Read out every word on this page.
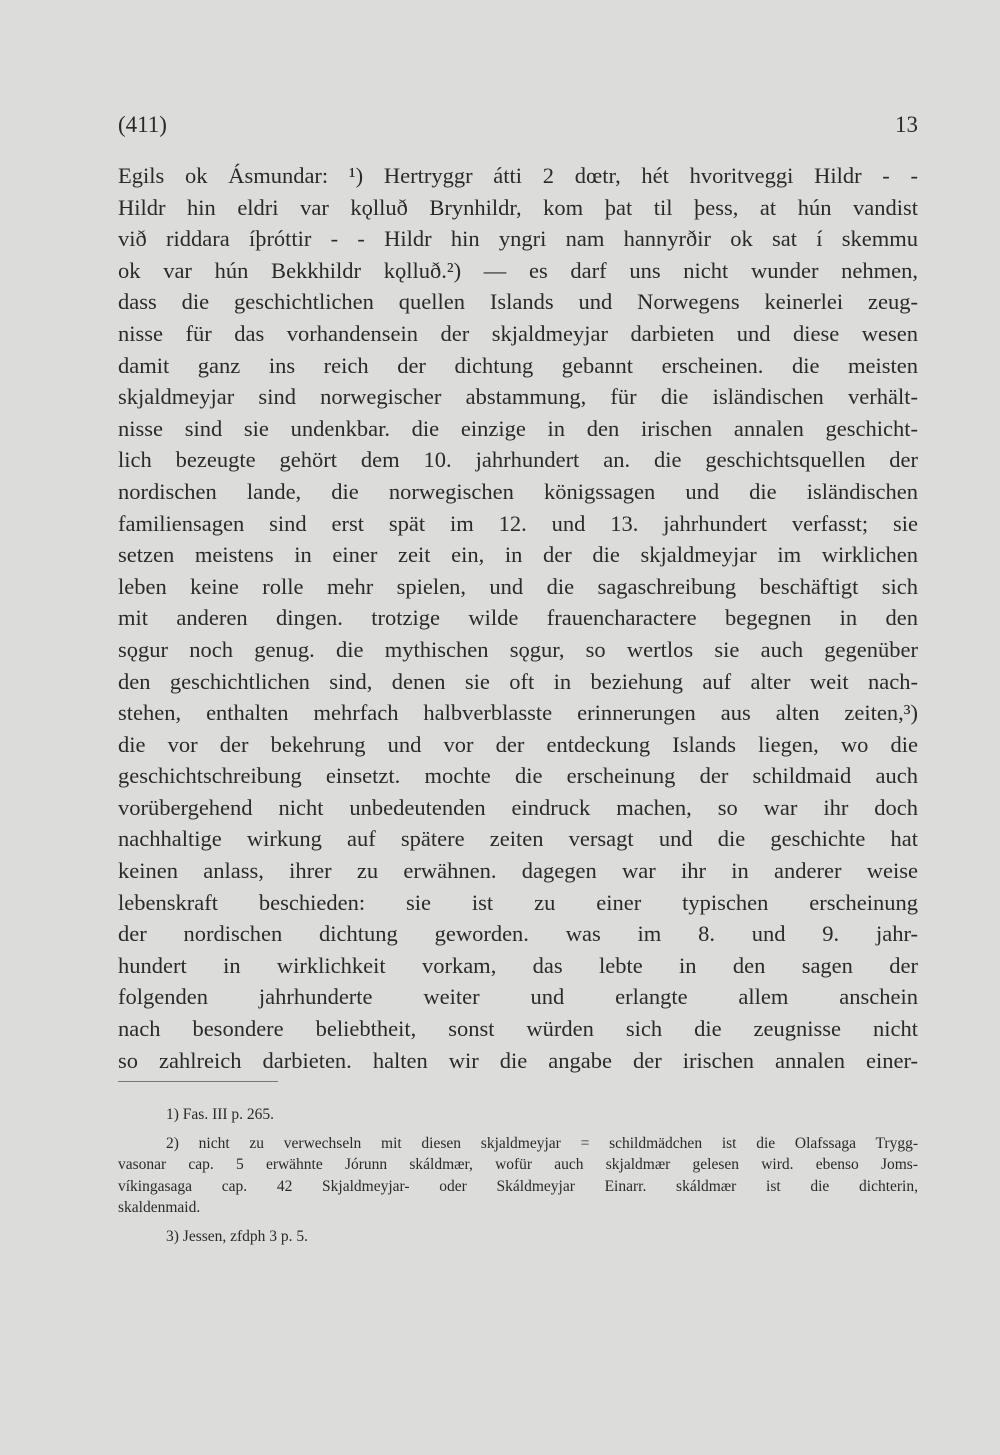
(411)	13
Egils ok Ásmundar: ¹) Hertryggr átti 2 dœtr, hét hvoritveggi Hildr - -
Hildr hin eldri var kǫlluð Brynhildr, kom þat til þess, at hún vandist
við riddara íþróttir - - Hildr hin yngri nam hannyrðir ok sat í skemmu
ok var hún Bekkhildr kǫlluð.²) — es darf uns nicht wunder nehmen,
dass die geschichtlichen quellen Islands und Norwegens keinerlei zeug-
nisse für das vorhandensein der skjaldmeyjar darbieten und diese wesen
damit ganz ins reich der dichtung gebannt erscheinen. die meisten
skjaldmeyjar sind norwegischer abstammung, für die isländischen verhält-
nisse sind sie undenkbar. die einzige in den irischen annalen geschicht-
lich bezeugte gehört dem 10. jahrhundert an. die geschichtsquellen der
nordischen lande, die norwegischen königssagen und die isländischen
familiensagen sind erst spät im 12. und 13. jahrhundert verfasst; sie
setzen meistens in einer zeit ein, in der die skjaldmeyjar im wirklichen
leben keine rolle mehr spielen, und die sagaschreibung beschäftigt sich
mit anderen dingen. trotzige wilde frauencharactere begegnen in den
sǫgur noch genug. die mythischen sǫgur, so wertlos sie auch gegenüber
den geschichtlichen sind, denen sie oft in beziehung auf alter weit nach-
stehen, enthalten mehrfach halbverblasste erinnerungen aus alten zeiten,³)
die vor der bekehrung und vor der entdeckung Islands liegen, wo die
geschichtschreibung einsetzt. mochte die erscheinung der schildmaid auch
vorübergehend nicht unbedeutenden eindruck machen, so war ihr doch
nachhaltige wirkung auf spätere zeiten versagt und die geschichte hat
keinen anlass, ihrer zu erwähnen. dagegen war ihr in anderer weise
lebenskraft beschieden: sie ist zu einer typischen erscheinung
der nordischen dichtung geworden. was im 8. und 9. jahr-
hundert in wirklichkeit vorkam, das lebte in den sagen der
folgenden jahrhunderte weiter und erlangte allem anschein
nach besondere beliebtheit, sonst würden sich die zeugnisse nicht
so zahlreich darbieten. halten wir die angabe der irischen annalen einer-
1) Fas. III p. 265.
2) nicht zu verwechseln mit diesen skjaldmeyjar = schildmädchen ist die Olafssaga Trygg-
vasonar cap. 5 erwähnte Jórunn skáldmær, wofür auch skjaldmær gelesen wird. ebenso Joms-
víkingasaga cap. 42 Skjaldmeyjar- oder Skáldmeyjar Einarr. skáldmær ist die dichterin,
skaldenmaid.
3) Jessen, zfdph 3 p. 5.
